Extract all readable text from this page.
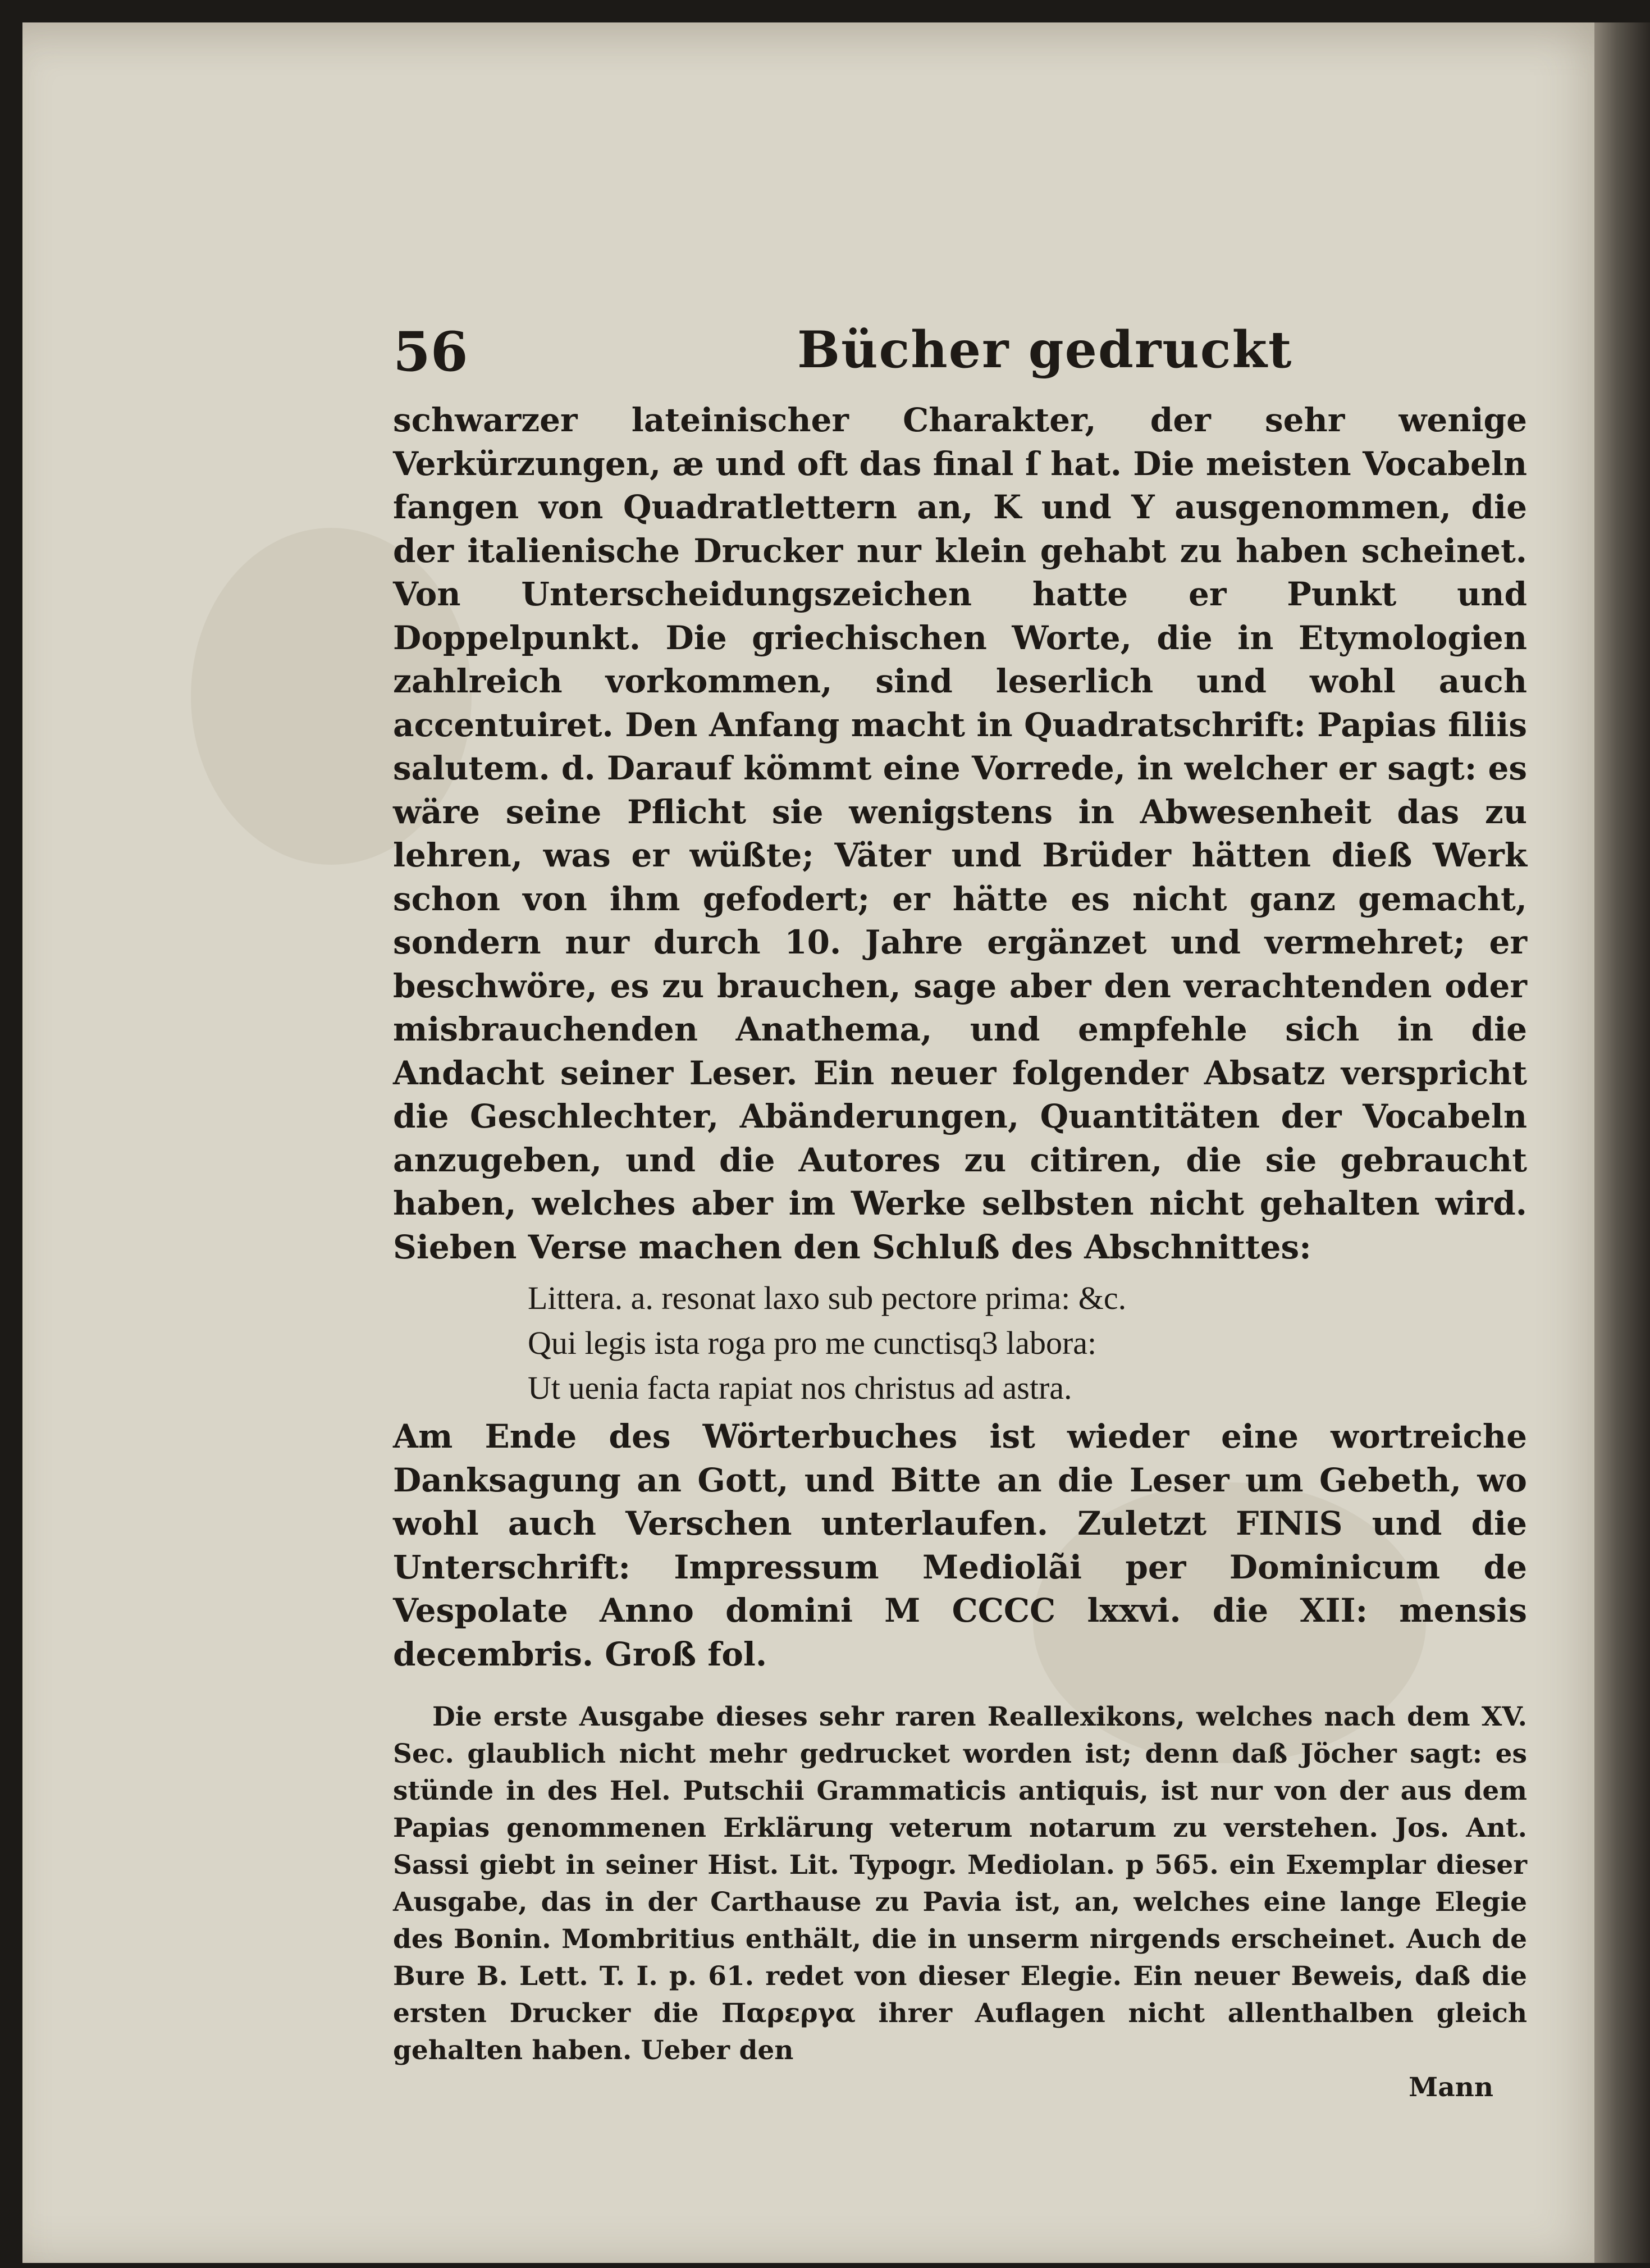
56	Bücher gedruckt

schwarzer lateinischer Charakter, der sehr wenige Verkürzungen, æ und oft das final ſ hat. Die meisten Vocabeln fangen von Quadratlettern an, K und Y ausgenommen, die der italienische Drucker nur klein gehabt zu haben scheinet. Von Unterscheidungszeichen hatte er Punkt und Doppelpunkt. Die griechischen Worte, die in Etymologien zahlreich vorkommen, sind leserlich und wohl auch accentuiret. Den Anfang macht in Quadratschrift: Papias filiis salutem. d. Darauf kömmt eine Vorrede, in welcher er sagt: es wäre seine Pflicht sie wenigstens in Abwesenheit das zu lehren, was er wüßte; Väter und Brüder hätten dieß Werk schon von ihm gefodert; er hätte es nicht ganz gemacht, sondern nur durch 10. Jahre ergänzet und vermehret; er beschwöre, es zu brauchen, sage aber den verachtenden oder misbrauchenden Anathema, und empfehle sich in die Andacht seiner Leser. Ein neuer folgender Absatz verspricht die Geschlechter, Abänderungen, Quantitäten der Vocabeln anzugeben, und die Autores zu citiren, die sie gebraucht haben, welches aber im Werke selbsten nicht gehalten wird. Sieben Verse machen den Schluß des Abschnittes:

Littera. a. resonat laxo sub pectore prima: &c.
Qui legis ista roga pro me cunctisq3 labora:
Ut uenia facta rapiat nos christus ad astra.

Am Ende des Wörterbuches ist wieder eine wortreiche Danksagung an Gott, und Bitte an die Leser um Gebeth, wo wohl auch Verschen unterlaufen. Zuletzt FINIS und die Unterschrift: Impressum Mediolãi per Dominicum de Vespolate Anno domini M CCCC lxxvi. die XII: mensis decembris. Groß fol.

Die erste Ausgabe dieses sehr raren Reallexikons, welches nach dem XV. Sec. glaublich nicht mehr gedrucket worden ist; denn daß Jöcher sagt: es stünde in des Hel. Putschii Grammaticis antiquis, ist nur von der aus dem Papias genommenen Erklärung veterum notarum zu verstehen. Jos. Ant. Sassi giebt in seiner Hist. Lit. Typogr. Mediolan. p 565. ein Exemplar dieser Ausgabe, das in der Carthause zu Pavia ist, an, welches eine lange Elegie des Bonin. Mombritius enthält, die in unserm nirgends erscheinet. Auch de Bure B. Lett. T. I. p. 61. redet von dieser Elegie. Ein neuer Beweis, daß die ersten Drucker die Παρεργα ihrer Auflagen nicht allenthalben gleich gehalten haben. Ueber den

Mann
